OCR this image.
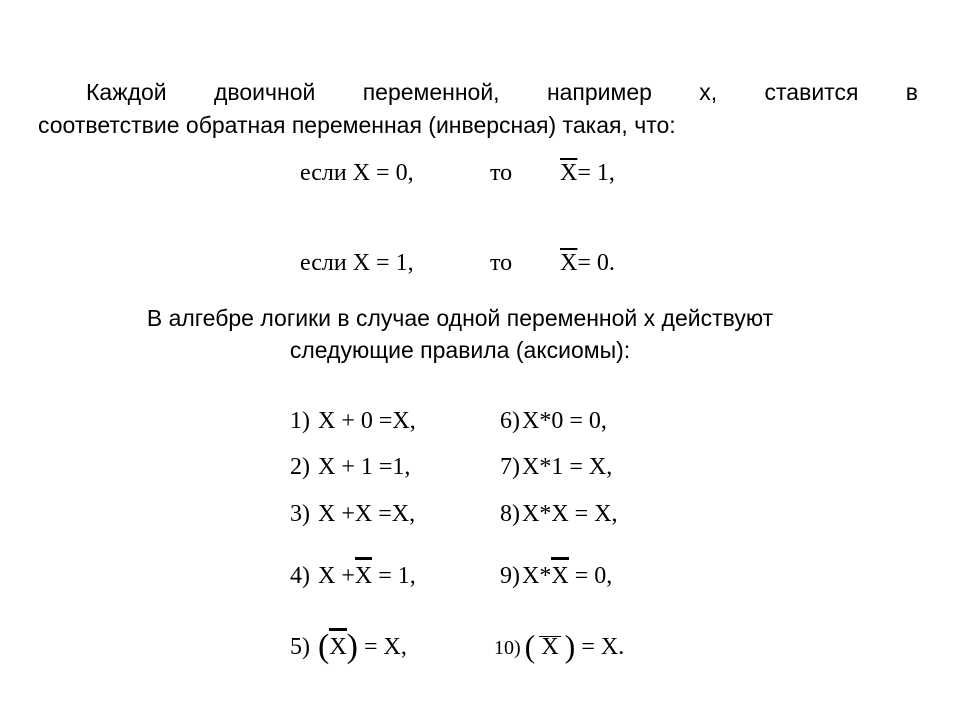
Каждой двоичной переменной, например х, ставится в
соответствие обратная переменная (инверсная) такая, что:
если X = 0,	то $\overline{X}= 1$,
если X = 1,	то $\overline{X}= 0$.
В алгебре логики в случае одной переменной х действуют
следующие правила (аксиомы):
1) X + 0 =X,
2) X + 1 =1,
3) X +X =X,
4) X +X = 1,
5) (X) = X,
6)X*0 = 0,
7)X*1 = X,
8)X*X = X,
9)X*X = 0,
10) ( X ) = X.
